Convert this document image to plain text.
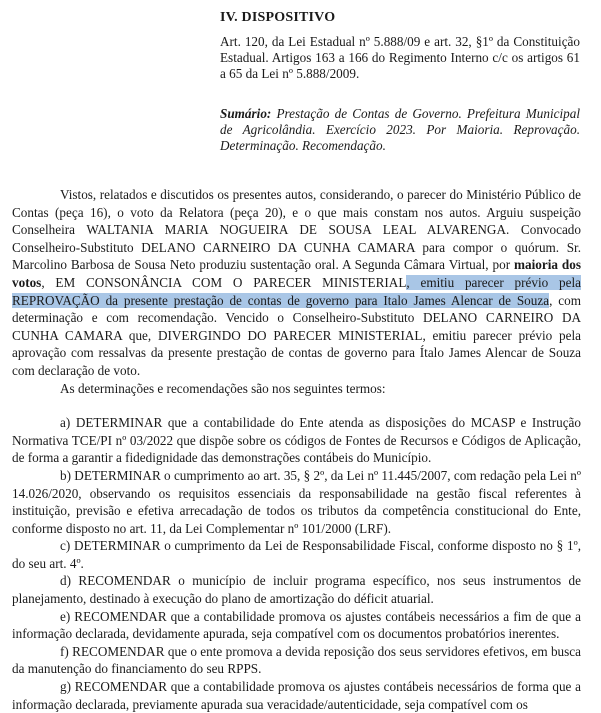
IV. DISPOSITIVO
Art. 120, da Lei Estadual nº 5.888/09 e art. 32, §1º da Constituição Estadual. Artigos 163 a 166 do Regimento Interno c/c os artigos 61 a 65 da Lei nº 5.888/2009.
Sumário: Prestação de Contas de Governo. Prefeitura Municipal de Agricolândia. Exercício 2023. Por Maioria. Reprovação. Determinação. Recomendação.

Vistos, relatados e discutidos os presentes autos, considerando, o parecer do Ministério Público de Contas (peça 16), o voto da Relatora (peça 20), e o que mais constam nos autos. Arguiu suspeição Conselheira WALTANIA MARIA NOGUEIRA DE SOUSA LEAL ALVARENGA. Convocado Conselheiro-Substituto DELANO CARNEIRO DA CUNHA CAMARA para compor o quórum. Sr. Marcolino Barbosa de Sousa Neto produziu sustentação oral. A Segunda Câmara Virtual, por maioria dos votos, EM CONSONÂNCIA COM O PARECER MINISTERIAL, emitiu parecer prévio pela REPROVAÇÃO da presente prestação de contas de governo para Italo James Alencar de Souza, com determinação e com recomendação. Vencido o Conselheiro-Substituto DELANO CARNEIRO DA CUNHA CAMARA que, DIVERGINDO DO PARECER MINISTERIAL, emitiu parecer prévio pela aprovação com ressalvas da presente prestação de contas de governo para Ítalo James Alencar de Souza com declaração de voto.

As determinações e recomendações são nos seguintes termos:

a) DETERMINAR que a contabilidade do Ente atenda as disposições do MCASP e Instrução Normativa TCE/PI nº 03/2022 que dispõe sobre os códigos de Fontes de Recursos e Códigos de Aplicação, de forma a garantir a fidedignidade das demonstrações contábeis do Município.

b) DETERMINAR o cumprimento ao art. 35, § 2º, da Lei nº 11.445/2007, com redação pela Lei nº 14.026/2020, observando os requisitos essenciais da responsabilidade na gestão fiscal referentes à instituição, previsão e efetiva arrecadação de todos os tributos da competência constitucional do Ente, conforme disposto no art. 11, da Lei Complementar nº 101/2000 (LRF).

c) DETERMINAR o cumprimento da Lei de Responsabilidade Fiscal, conforme disposto no § 1º, do seu art. 4º.

d) RECOMENDAR o município de incluir programa específico, nos seus instrumentos de planejamento, destinado à execução do plano de amortização do déficit atuarial.

e) RECOMENDAR que a contabilidade promova os ajustes contábeis necessários a fim de que a informação declarada, devidamente apurada, seja compatível com os documentos probatórios inerentes.

f) RECOMENDAR que o ente promova a devida reposição dos seus servidores efetivos, em busca da manutenção do financiamento do seu RPPS.

g) RECOMENDAR que a contabilidade promova os ajustes contábeis necessários de forma que a informação declarada, previamente apurada sua veracidade/autenticidade, seja compatível com os
